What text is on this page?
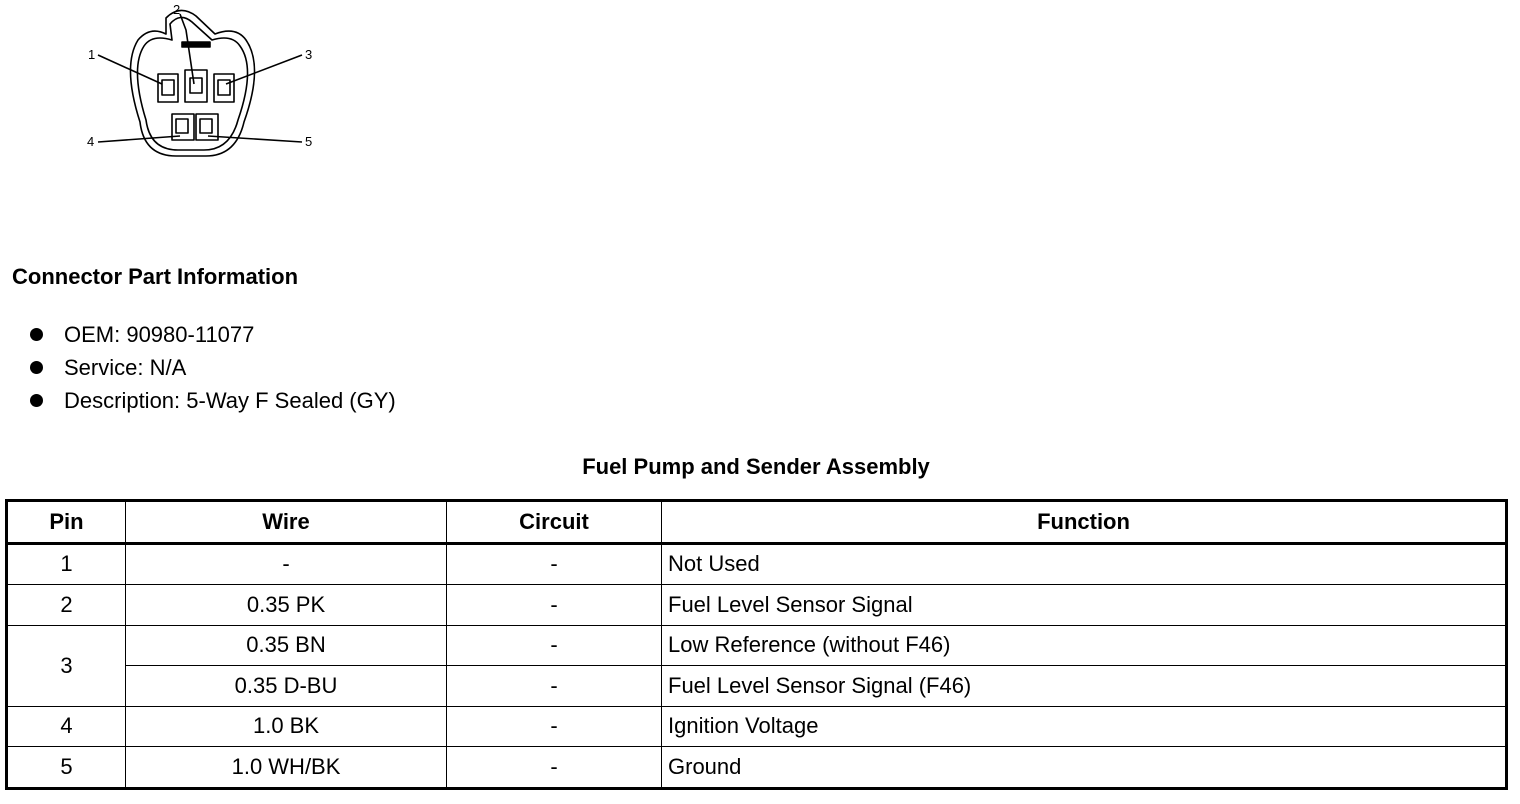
1
2
3
4	5
Connector Part Information
OEM: 90980-11077
Service: N/A
Description: 5-Way F Sealed (GY)
Fuel Pump and Sender Assembly
Pin	Wire	Circuit	Function
1	-	-	Not Used
2	0.35 PK	-	Fuel Level Sensor Signal
3	0.35 BN	-	Low Reference (without F46)
	0.35 D-BU	-	Fuel Level Sensor Signal (F46)
4	1.0 BK	-	Ignition Voltage
5	1.0 WH/BK	-	Ground
